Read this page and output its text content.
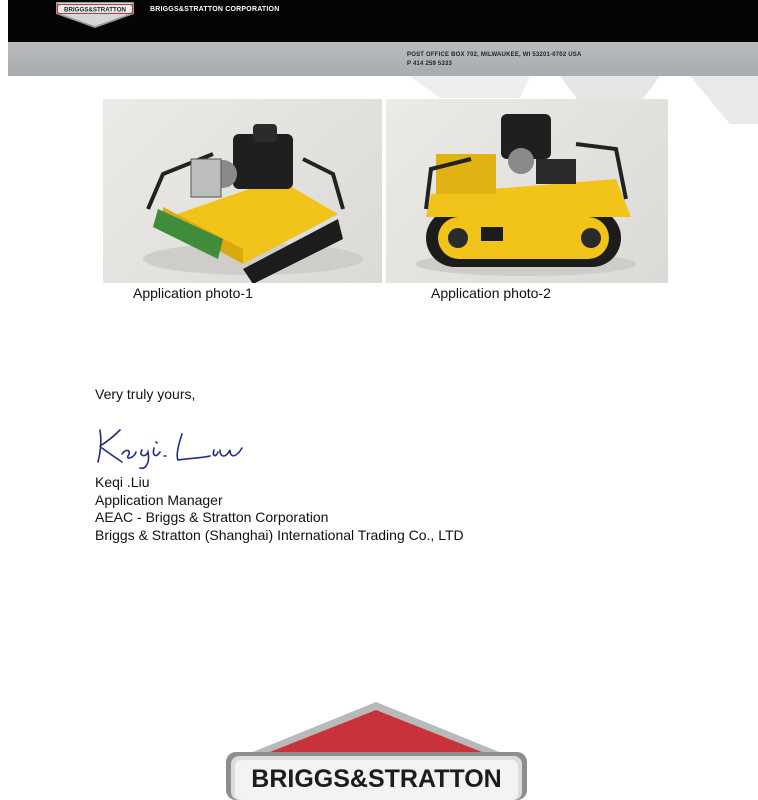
BRIGGS&STRATTON	BRIGGS&STRATTON CORPORATION
POST OFFICE BOX 702, MILWAUKEE, WI 53201-0702 USA
P 414 259 5333
Application photo-1	Application photo-2
Very truly yours,
Keqi .Liu
Application Manager
AEAC - Briggs & Stratton Corporation
Briggs & Stratton (Shanghai) International Trading Co., LTD
BRIGGS&STRATTON
